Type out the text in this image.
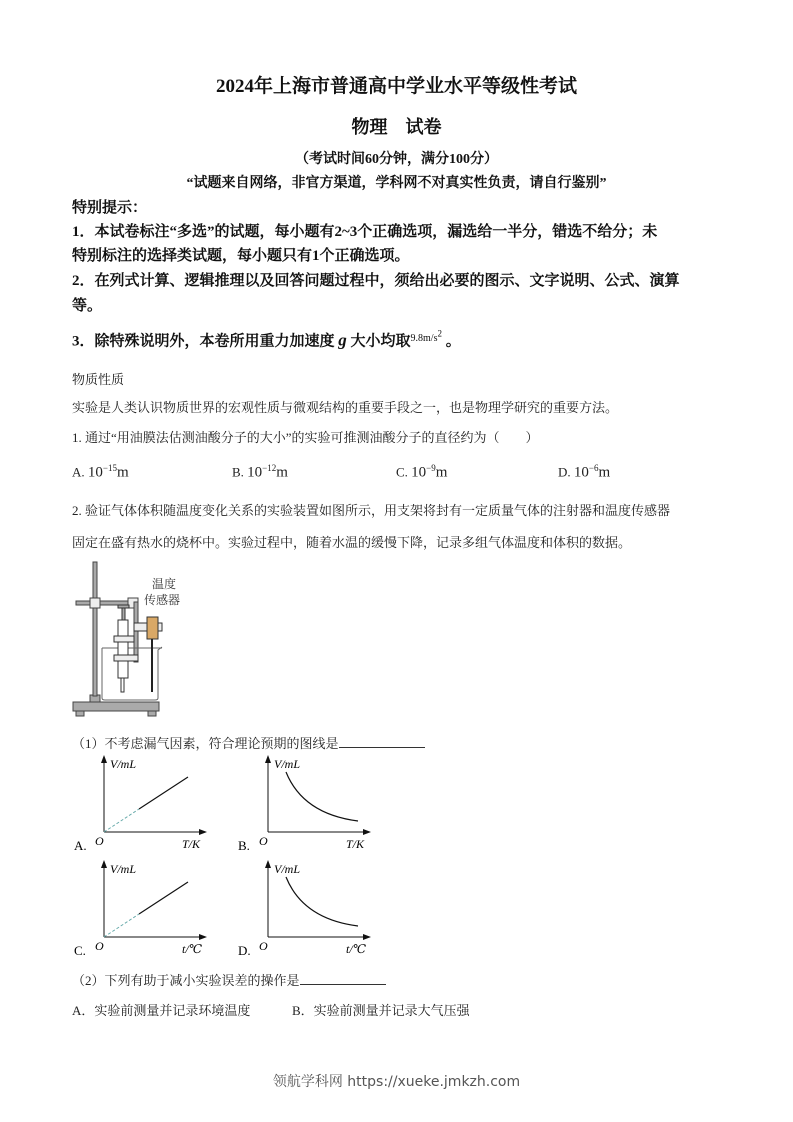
2024年上海市普通高中学业水平等级性考试
物理　试卷
（考试时间60分钟，满分100分）
“试题来自网络，非官方渠道，学科网不对真实性负责，请自行鉴别”
特别提示：
1．本试卷标注“多选”的试题，每小题有2~3个正确选项，漏选给一半分，错选不给分；未
特别标注的选择类试题，每小题只有1个正确选项。
2．在列式计算、逻辑推理以及回答问题过程中，须给出必要的图示、文字说明、公式、演算
等。
3．除特殊说明外，本卷所用重力加速度 g 大小均取$^{9.8m/s^2}$ 。
物质性质
实验是人类认识物质世界的宏观性质与微观结构的重要手段之一，也是物理学研究的重要方法。
1. 通过“用油膜法估测油酸分子的大小”的实验可推测油酸分子的直径约为（　　）
A. $10^{-15}m$	B. $10^{-12}m$	C. $10^{-9}m$	D. $10^{-6}m$
2. 验证气体体积随温度变化关系的实验装置如图所示，用支架将封有一定质量气体的注射器和温度传感器
固定在盛有热水的烧杯中。实验过程中，随着水温的缓慢下降，记录多组气体温度和体积的数据。
温度
传感器
（1）不考虑漏气因素，符合理论预期的图线是
V/mL
T/K
O
A.
V/mL
T/K
O
B.
V/mL
t/℃
O
C.
V/mL
t/℃
O
D.
（2）下列有助于减小实验误差的操作是
A．实验前测量并记录环境温度	B．实验前测量并记录大气压强
领航学科网 https://xueke.jmkzh.com
